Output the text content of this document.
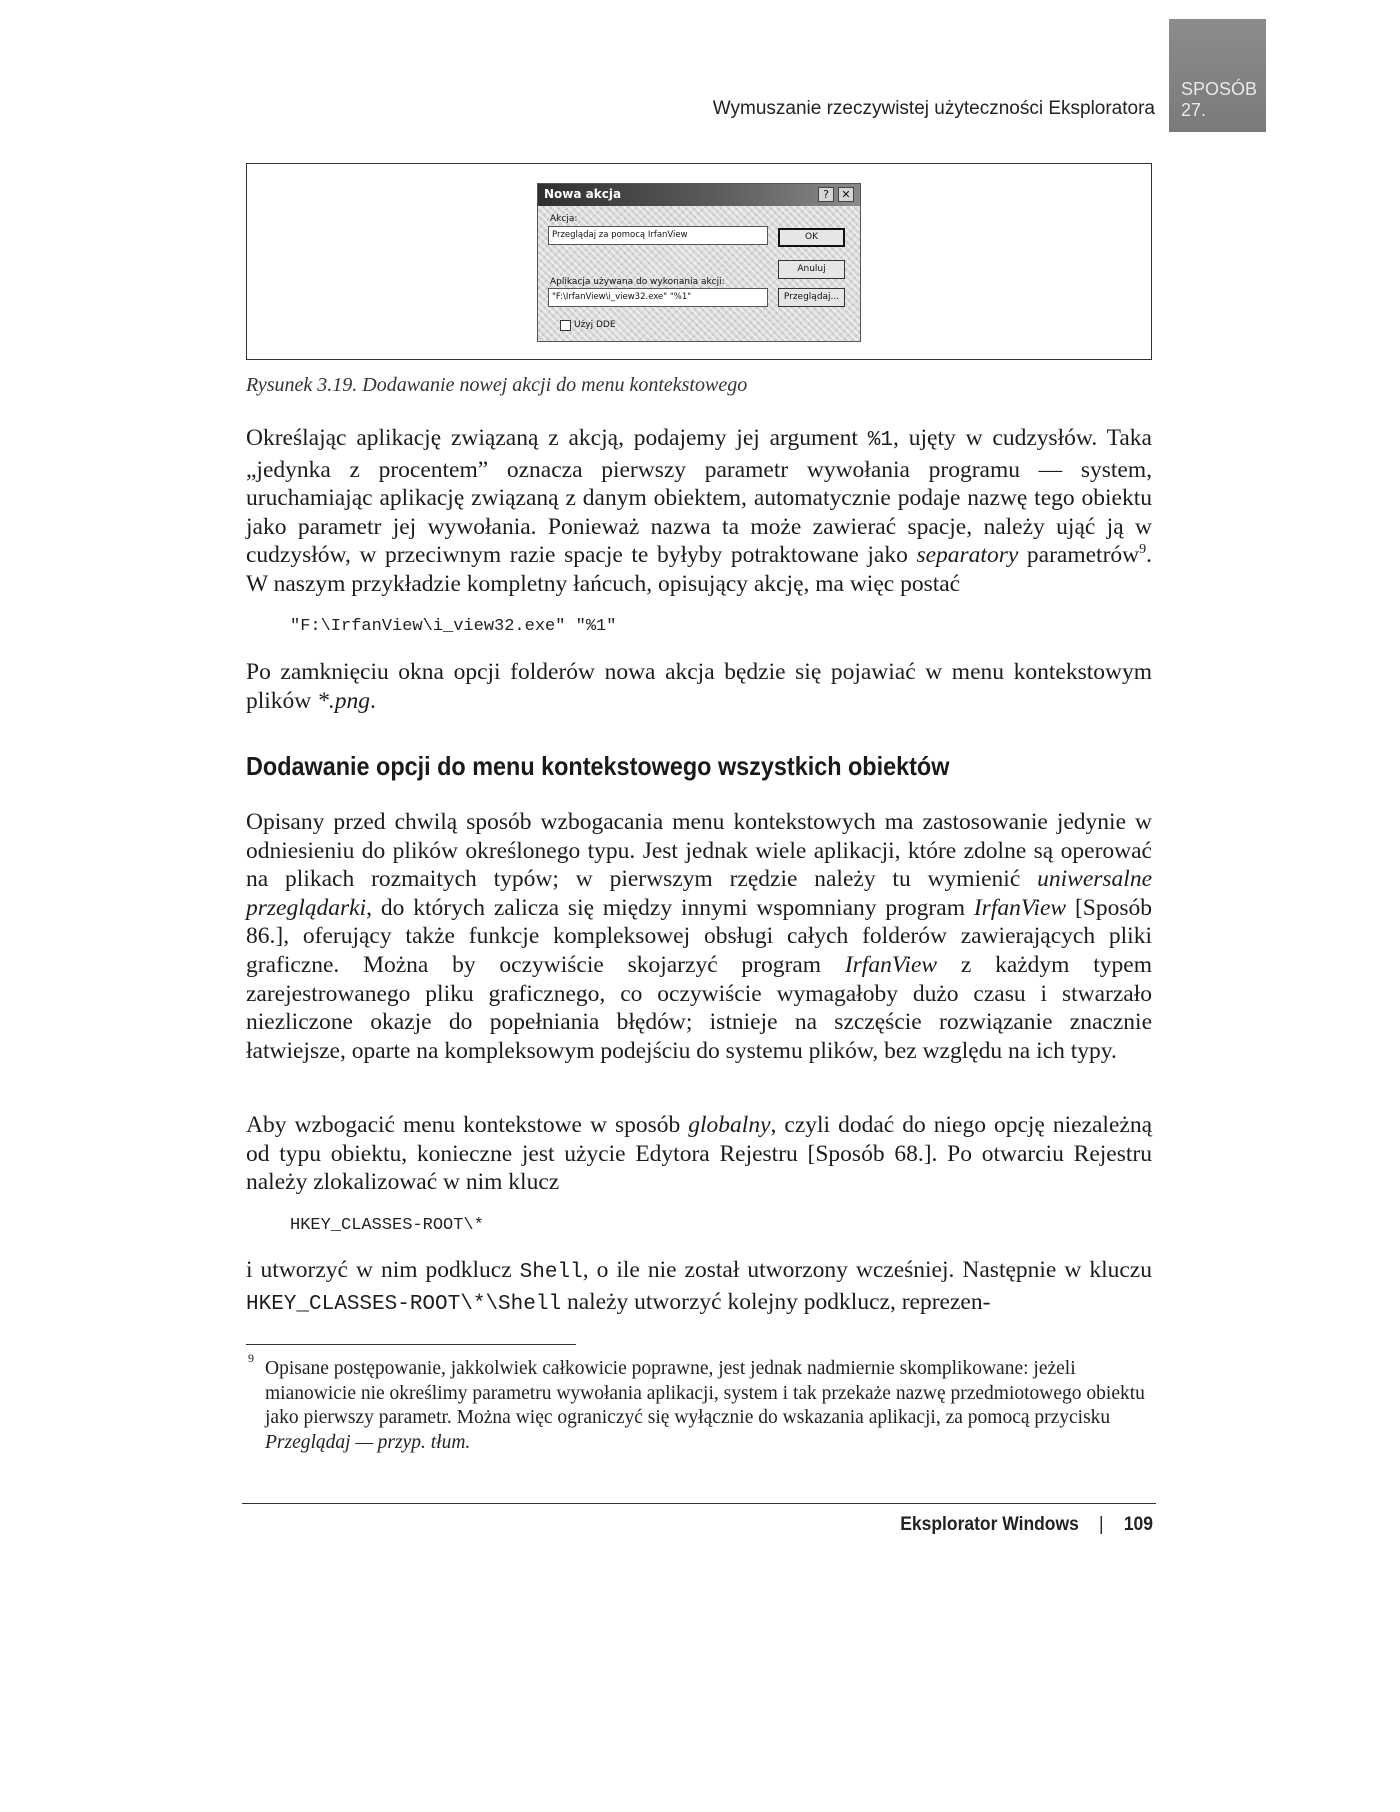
Wymuszanie rzeczywistej użyteczności Eksploratora
SPOSÓB
27.
Nowa akcja	?	✕
Akcja:
Przeglądaj za pomocą IrfanView
Aplikacja używana do wykonania akcji:
"F:\IrfanView\i_view32.exe" "%1"
OK
Anuluj
Przeglądaj...
Użyj DDE
Rysunek 3.19. Dodawanie nowej akcji do menu kontekstowego

Określając aplikację związaną z akcją, podajemy jej argument %1, ujęty w cudzysłów. Taka „jedynka z procentem” oznacza pierwszy parametr wywołania programu — system, uruchamiając aplikację związaną z danym obiektem, automatycznie podaje nazwę tego obiektu jako parametr jej wywołania. Ponieważ nazwa ta może zawierać spacje, należy ująć ją w cudzysłów, w przeciwnym razie spacje te byłyby potraktowane jako separatory parametrów$^9$. W naszym przykładzie kompletny łańcuch, opisujący akcję, ma więc postać

"F:\IrfanView\i_view32.exe" "%1"

Po zamknięciu okna opcji folderów nowa akcja będzie się pojawiać w menu kontekstowym plików *.png.

Dodawanie opcji do menu kontekstowego wszystkich obiektów

Opisany przed chwilą sposób wzbogacania menu kontekstowych ma zastosowanie jedynie w odniesieniu do plików określonego typu. Jest jednak wiele aplikacji, które zdolne są operować na plikach rozmaitych typów; w pierwszym rzędzie należy tu wymienić uniwersalne przeglądarki, do których zalicza się między innymi wspomniany program IrfanView [Sposób 86.], oferujący także funkcje kompleksowej obsługi całych folderów zawierających pliki graficzne. Można by oczywiście skojarzyć program IrfanView z każdym typem zarejestrowanego pliku graficznego, co oczywiście wymagałoby dużo czasu i stwarzało niezliczone okazje do popełniania błędów; istnieje na szczęście rozwiązanie znacznie łatwiejsze, oparte na kompleksowym podejściu do systemu plików, bez względu na ich typy.

Aby wzbogacić menu kontekstowe w sposób globalny, czyli dodać do niego opcję niezależną od typu obiektu, konieczne jest użycie Edytora Rejestru [Sposób 68.]. Po otwarciu Rejestru należy zlokalizować w nim klucz

HKEY_CLASSES-ROOT\*

i utworzyć w nim podklucz Shell, o ile nie został utworzony wcześniej. Następnie w kluczu HKEY_CLASSES-ROOT\*\Shell należy utworzyć kolejny podklucz, reprezen-

9 Opisane postępowanie, jakkolwiek całkowicie poprawne, jest jednak nadmiernie skomplikowane: jeżeli mianowicie nie określimy parametru wywołania aplikacji, system i tak przekaże nazwę przedmiotowego obiektu jako pierwszy parametr. Można więc ograniczyć się wyłącznie do wskazania aplikacji, za pomocą przycisku Przeglądaj — przyp. tłum.

Eksplorator Windows | 109
